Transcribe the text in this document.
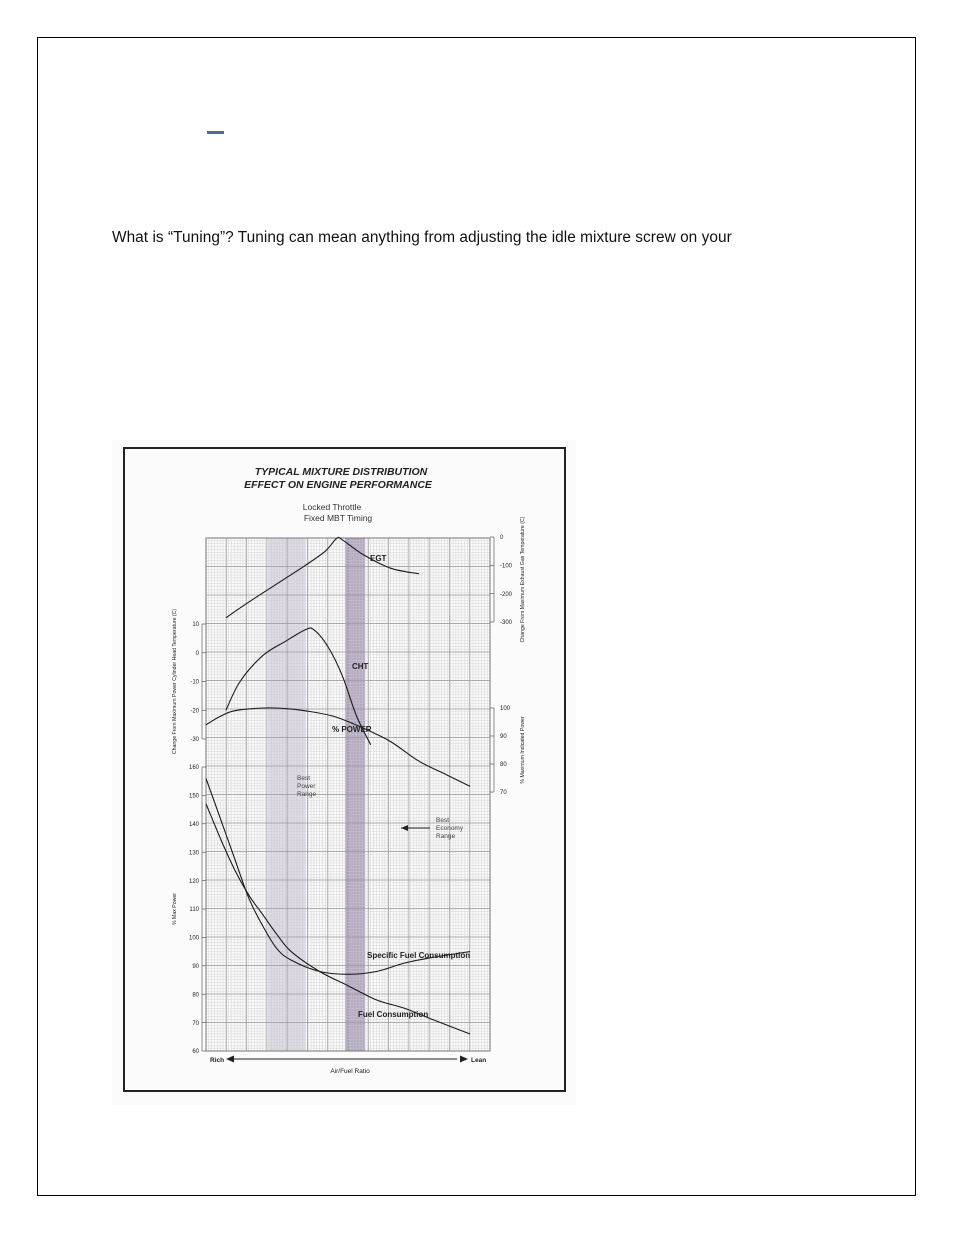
What is “Tuning”? Tuning can mean anything from adjusting the idle mixture screw on your
TYPICAL MIXTURE DISTRIBUTION
EFFECT ON ENGINE PERFORMANCE
Locked Throttle
Fixed MBT Timing
0
-100
-200
-300 Change From Maximum Exhaust Gas Temperature (C)
10
0
-10
-20
-30
Change From Maximum Power Cylinder Head Temperature (C)	100
90
80
70
% Maximum Indicated Power
160
150
140
130
120
110
100
90
80
70
60
% Max Power
EGT
CHT
% POWER
Specific Fuel Consumption
Fuel Consumption
Best
Power
Range
Best
Economy
Range
Rich	Lean
Air/Fuel Ratio
